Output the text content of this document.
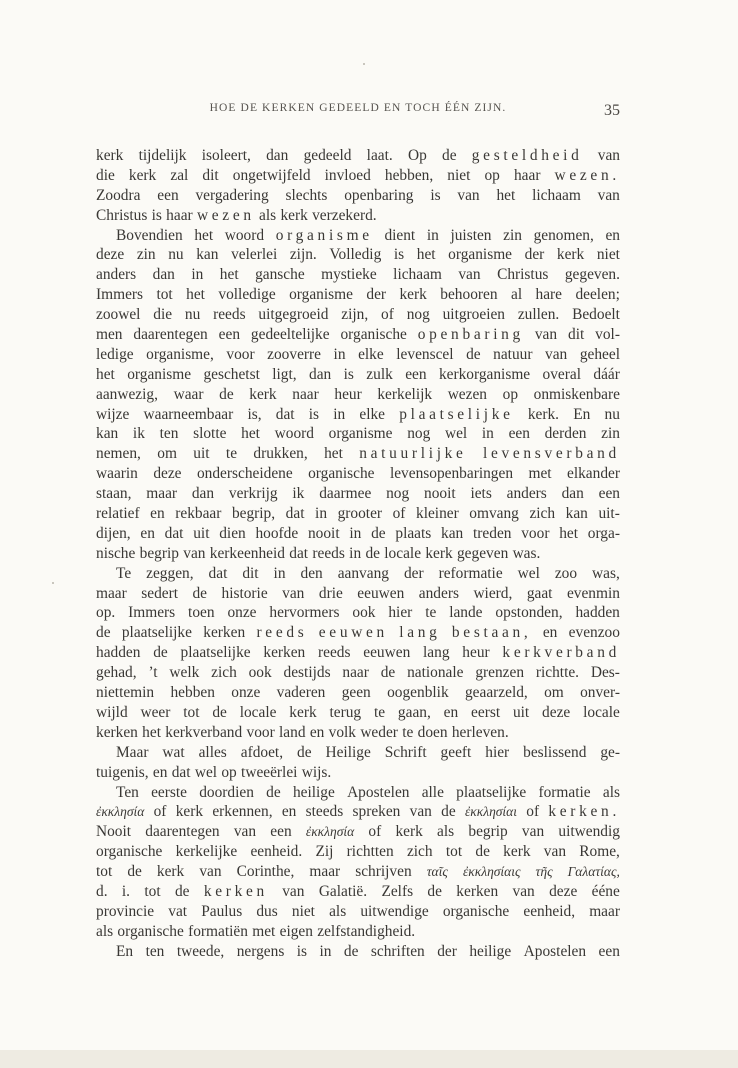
HOE DE KERKEN GEDEELD EN TOCH ÉÉN ZIJN.	35
kerk tijdelijk isoleert, dan gedeeld laat. Op de gesteldheid van
die kerk zal dit ongetwijfeld invloed hebben, niet op haar wezen.
Zoodra een vergadering slechts openbaring is van het lichaam van
Christus is haar wezen als kerk verzekerd.
Bovendien het woord organisme dient in juisten zin genomen, en
deze zin nu kan velerlei zijn. Volledig is het organisme der kerk niet
anders dan in het gansche mystieke lichaam van Christus gegeven.
Immers tot het volledige organisme der kerk behooren al hare deelen;
zoowel die nu reeds uitgegroeid zijn, of nog uitgroeien zullen. Bedoelt
men daarentegen een gedeeltelijke organische openbaring van dit vol-
ledige organisme, voor zooverre in elke levenscel de natuur van geheel
het organisme geschetst ligt, dan is zulk een kerkorganisme overal dáár
aanwezig, waar de kerk naar heur kerkelijk wezen op onmiskenbare
wijze waarneembaar is, dat is in elke plaatselijke kerk. En nu
kan ik ten slotte het woord organisme nog wel in een derden zin
nemen, om uit te drukken, het natuurlijke levensverband
waarin deze onderscheidene organische levensopenbaringen met elkander
staan, maar dan verkrijg ik daarmee nog nooit iets anders dan een
relatief en rekbaar begrip, dat in grooter of kleiner omvang zich kan uit-
dijen, en dat uit dien hoofde nooit in de plaats kan treden voor het orga-
nische begrip van kerkeenheid dat reeds in de locale kerk gegeven was.
Te zeggen, dat dit in den aanvang der reformatie wel zoo was,
maar sedert de historie van drie eeuwen anders wierd, gaat evenmin
op. Immers toen onze hervormers ook hier te lande opstonden, hadden
de plaatselijke kerken reeds eeuwen lang bestaan, en evenzoo
hadden de plaatselijke kerken reeds eeuwen lang heur kerkverband
gehad, ’t welk zich ook destijds naar de nationale grenzen richtte. Des-
niettemin hebben onze vaderen geen oogenblik geaarzeld, om onver-
wijld weer tot de locale kerk terug te gaan, en eerst uit deze locale
kerken het kerkverband voor land en volk weder te doen herleven.
Maar wat alles afdoet, de Heilige Schrift geeft hier beslissend ge-
tuigenis, en dat wel op tweeërlei wijs.
Ten eerste doordien de heilige Apostelen alle plaatselijke formatie als
ἐκκλησία of kerk erkennen, en steeds spreken van de ἐκκλησίαι of kerken.
Nooit daarentegen van een ἐκκλησία of kerk als begrip van uitwendig
organische kerkelijke eenheid. Zij richtten zich tot de kerk van Rome,
tot de kerk van Corinthe, maar schrijven ταῖς ἐκκλησίαις τῆς Γαλατίας,
d. i. tot de kerken van Galatië. Zelfs de kerken van deze ééne
provincie vat Paulus dus niet als uitwendige organische eenheid, maar
als organische formatiën met eigen zelfstandigheid.
En ten tweede, nergens is in de schriften der heilige Apostelen een
